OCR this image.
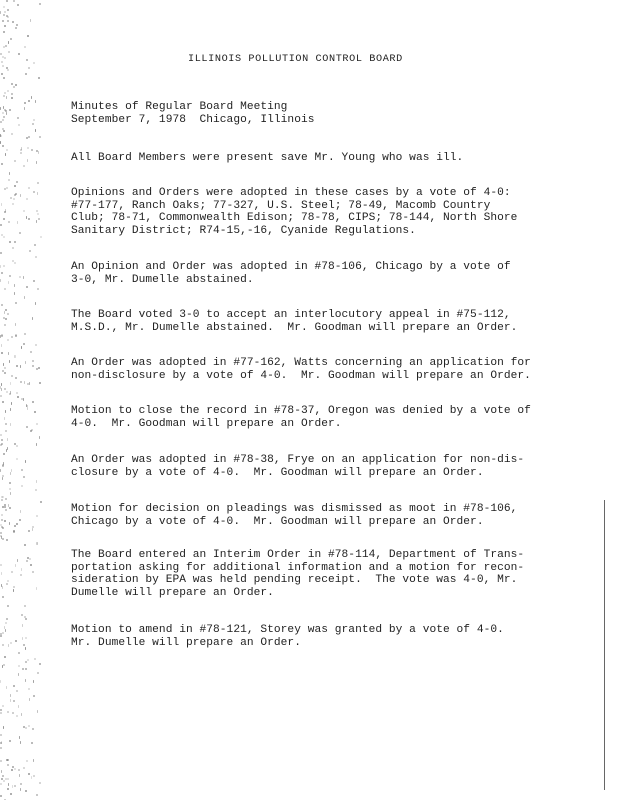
ILLINOIS POLLUTION CONTROL BOARD
Minutes of Regular Board Meeting
September 7, 1978  Chicago, Illinois
All Board Members were present save Mr. Young who was ill.
Opinions and Orders were adopted in these cases by a vote of 4-0:
#77-177, Ranch Oaks; 77-327, U.S. Steel; 78-49, Macomb Country
Club; 78-71, Commonwealth Edison; 78-78, CIPS; 78-144, North Shore
Sanitary District; R74-15,-16, Cyanide Regulations.
An Opinion and Order was adopted in #78-106, Chicago by a vote of
3-0, Mr. Dumelle abstained.
The Board voted 3-0 to accept an interlocutory appeal in #75-112,
M.S.D., Mr. Dumelle abstained.  Mr. Goodman will prepare an Order.
An Order was adopted in #77-162, Watts concerning an application for
non-disclosure by a vote of 4-0.  Mr. Goodman will prepare an Order.
Motion to close the record in #78-37, Oregon was denied by a vote of
4-0.  Mr. Goodman will prepare an Order.
An Order was adopted in #78-38, Frye on an application for non-dis-
closure by a vote of 4-0.  Mr. Goodman will prepare an Order.
Motion for decision on pleadings was dismissed as moot in #78-106,
Chicago by a vote of 4-0.  Mr. Goodman will prepare an Order.
The Board entered an Interim Order in #78-114, Department of Trans-
portation asking for additional information and a motion for recon-
sideration by EPA was held pending receipt.  The vote was 4-0, Mr.
Dumelle will prepare an Order.
Motion to amend in #78-121, Storey was granted by a vote of 4-0.
Mr. Dumelle will prepare an Order.
